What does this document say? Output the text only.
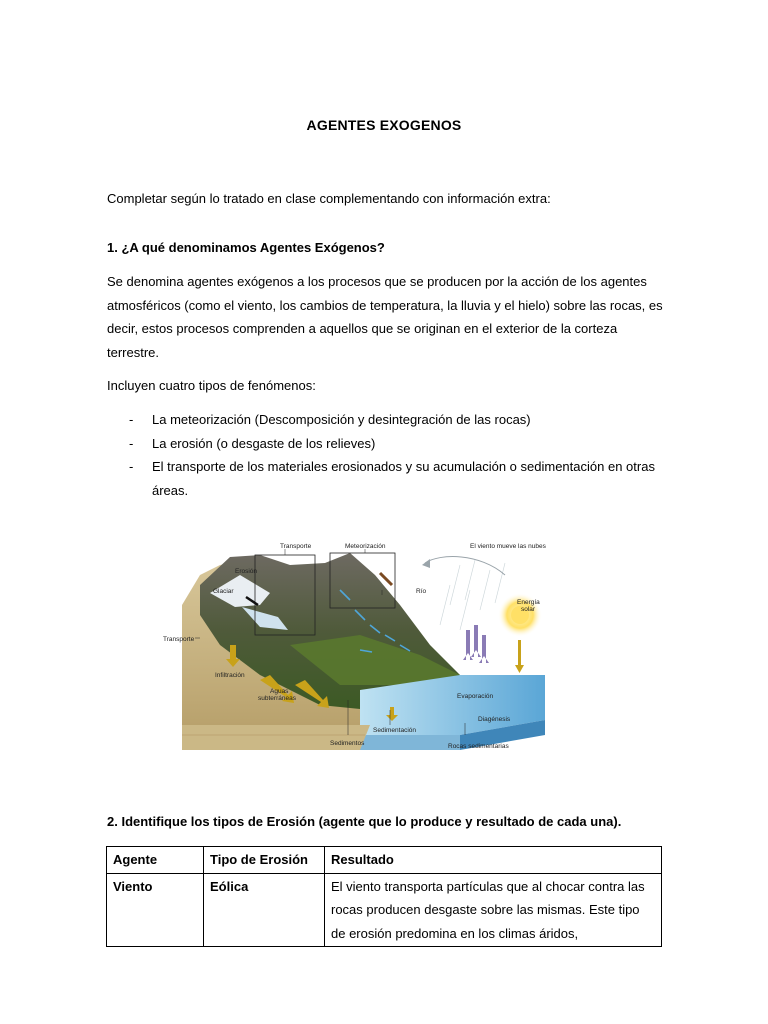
AGENTES EXOGENOS
Completar según lo tratado en clase complementando con información extra:
1. ¿A qué denominamos Agentes Exógenos?
Se denomina agentes exógenos a los procesos que se producen por la acción de los agentes atmosféricos (como el viento, los cambios de temperatura, la lluvia y el hielo) sobre las rocas, es decir, estos procesos comprenden a aquellos que se originan en el exterior de la corteza terrestre.
Incluyen cuatro tipos de fenómenos:
- La meteorización (Descomposición y desintegración de las rocas)
- La erosión (o desgaste de los relieves)
- El transporte de los materiales erosionados y su acumulación o sedimentación en otras áreas.
Transporte	Meteorización	El viento mueve las nubes
Erosión
Glaciar	Río
Energía
solar
Transporte
Infiltración
Aguas
subterráneas	Evaporación
Diagénesis
Sedimentación
Sedimentos	Rocas sedimentarias
2. Identifique los tipos de Erosión (agente que lo produce y resultado de cada una).
Agente	Tipo de Erosión	Resultado
Viento	Eólica	El viento transporta partículas que al chocar contra las rocas producen desgaste sobre las mismas. Este tipo de erosión predomina en los climas áridos,
